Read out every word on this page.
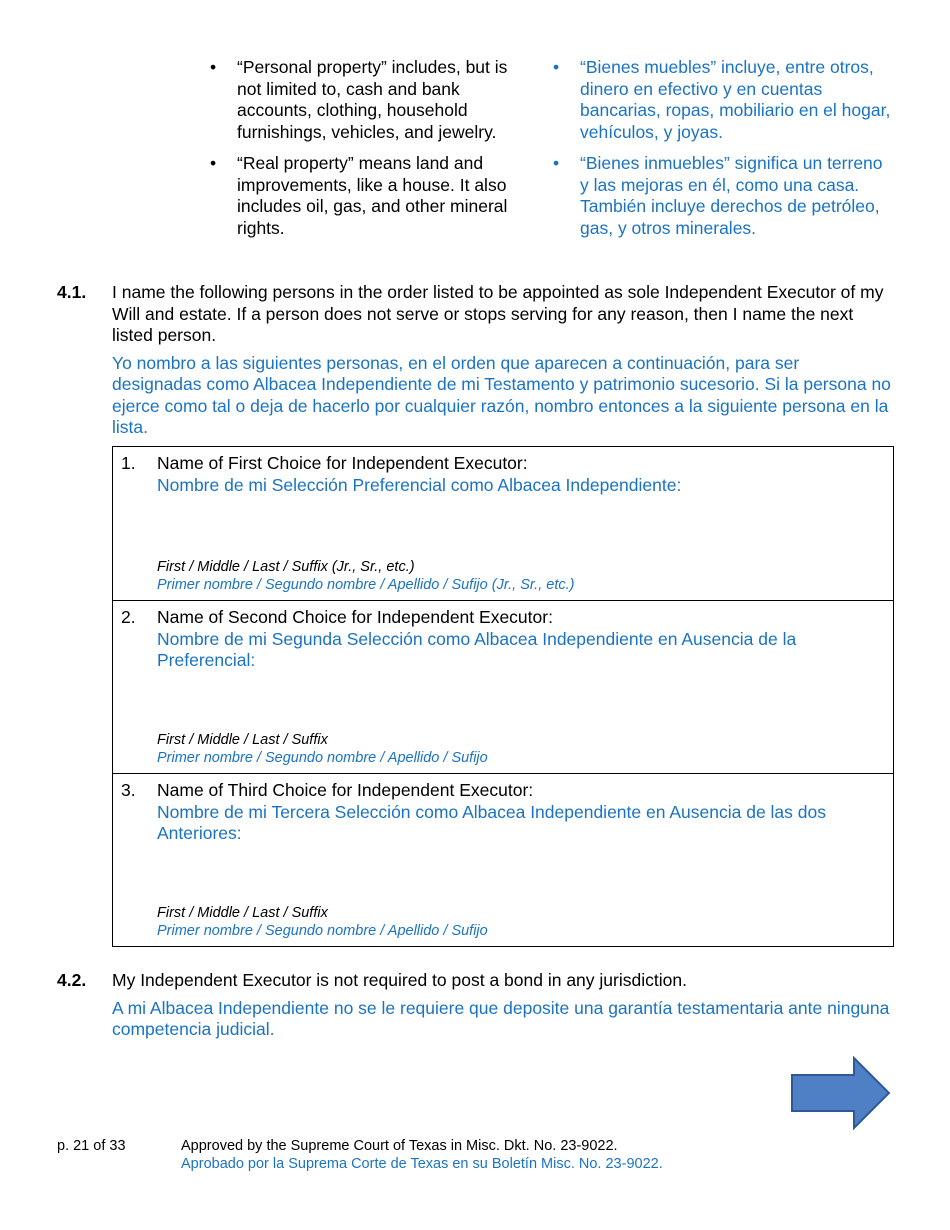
•	“Personal property” includes, but is not limited to, cash and bank accounts, clothing, household furnishings, vehicles, and jewelry.
•	“Real property” means land and improvements, like a house. It also includes oil, gas, and other mineral rights.
•	“Bienes muebles” incluye, entre otros, dinero en efectivo y en cuentas bancarias, ropas, mobiliario en el hogar, vehículos, y joyas.
•	“Bienes inmuebles” significa un terreno y las mejoras en él, como una casa. También incluye derechos de petróleo, gas, y otros minerales.
4.1. I name the following persons in the order listed to be appointed as sole Independent Executor of my Will and estate. If a person does not serve or stops serving for any reason, then I name the next listed person.

Yo nombro a las siguientes personas, en el orden que aparecen a continuación, para ser designadas como Albacea Independiente de mi Testamento y patrimonio sucesorio. Si la persona no ejerce como tal o deja de hacerlo por cualquier razón, nombro entonces a la siguiente persona en la lista.

1. Name of First Choice for Independent Executor:
Nombre de mi Selección Preferencial como Albacea Independiente:
First / Middle / Last / Suffix (Jr., Sr., etc.)
Primer nombre / Segundo nombre / Apellido / Sufijo (Jr., Sr., etc.)
2. Name of Second Choice for Independent Executor:
Nombre de mi Segunda Selección como Albacea Independiente en Ausencia de la Preferencial:
First / Middle / Last / Suffix
Primer nombre / Segundo nombre / Apellido / Sufijo
3. Name of Third Choice for Independent Executor:
Nombre de mi Tercera Selección como Albacea Independiente en Ausencia de las dos Anteriores:
First / Middle / Last / Suffix
Primer nombre / Segundo nombre / Apellido / Sufijo
4.2. My Independent Executor is not required to post a bond in any jurisdiction.

A mi Albacea Independiente no se le requiere que deposite una garantía testamentaria ante ninguna competencia judicial.

p. 21 of 33	Approved by the Supreme Court of Texas in Misc. Dkt. No. 23-9022.
Aprobado por la Suprema Corte de Texas en su Boletín Misc. No. 23-9022.
